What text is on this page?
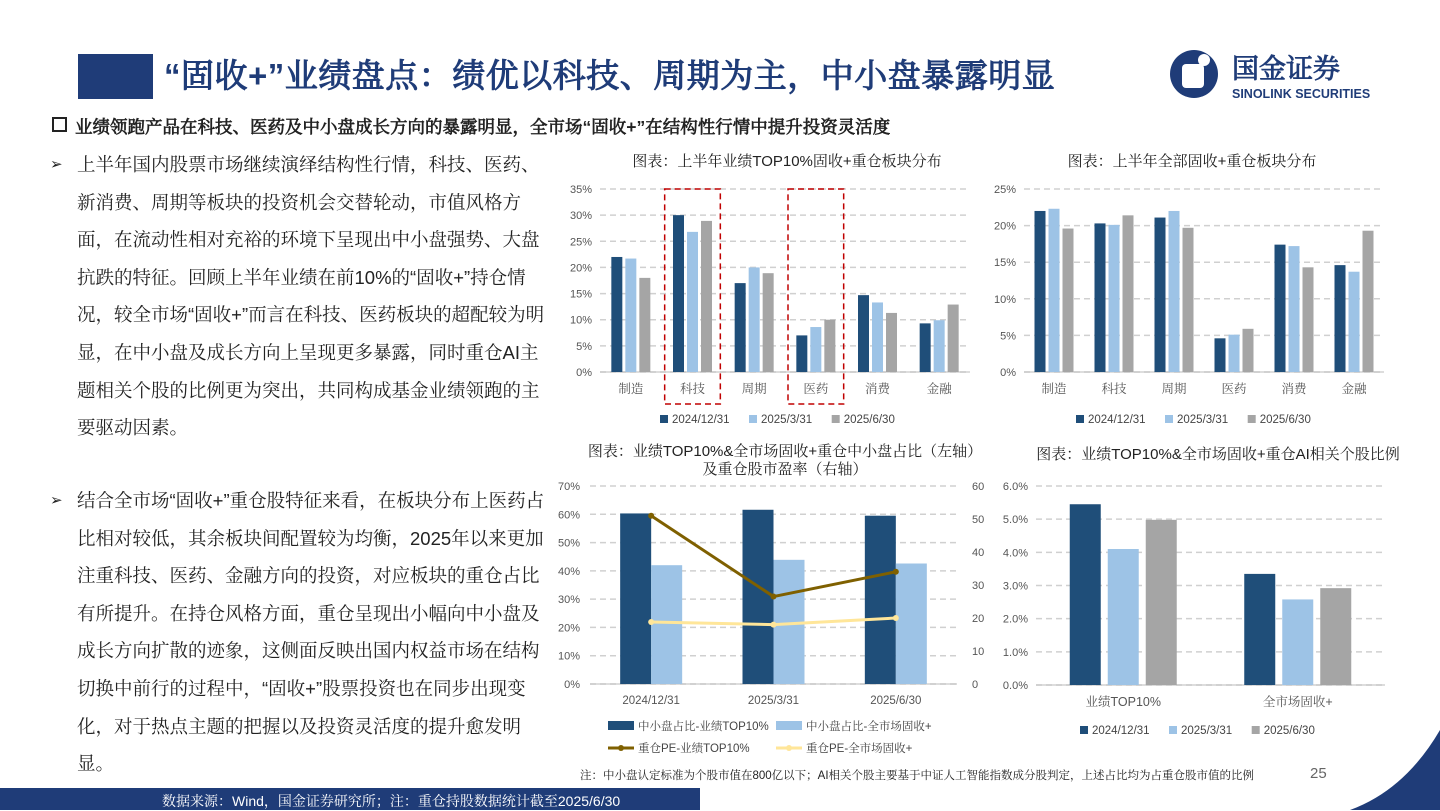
“固收+”业绩盘点：绩优以科技、周期为主，中小盘暴露明显	国金证券
SINOLINK SECURITIES
业绩领跑产品在科技、医药及中小盘成长方向的暴露明显，全市场“固收+”在结构性行情中提升投资灵活度
➢ 上半年国内股票市场继续演绎结构性行情，科技、医药、新消费、周期等板块的投资机会交替轮动，市值风格方面，在流动性相对充裕的环境下呈现出中小盘强势、大盘抗跌的特征。回顾上半年业绩在前10%的“固收+”持仓情况，较全市场“固收+”而言在科技、医药板块的超配较为明显，在中小盘及成长方向上呈现更多暴露，同时重仓AI主题相关个股的比例更为突出，共同构成基金业绩领跑的主要驱动因素。
➢ 结合全市场“固收+”重仓股特征来看，在板块分布上医药占比相对较低，其余板块间配置较为均衡，2025年以来更加注重科技、医药、金融方向的投资，对应板块的重仓占比有所提升。在持仓风格方面，重仓呈现出小幅向中小盘及成长方向扩散的迹象，这侧面反映出国内权益市场在结构切换中前行的过程中，“固收+”股票投资也在同步出现变化，对于热点主题的把握以及投资灵活度的提升愈发明显。
图表：上半年业绩TOP10%固收+重仓板块分布	图表：上半年全部固收+重仓板块分布
图表：业绩TOP10%&全市场固收+重仓中小盘占比（左轴）
及重仓股市盈率（右轴）
图表：业绩TOP10%&全市场固收+重仓AI相关个股比例
0%
5%
10%
15%
20%
25%
30%
35%
制造	科技	周期	医药	消费	金融
2024/12/31	2025/3/31	2025/6/30
0%
5%
10%
15%
20%
25%
制造	科技	周期	医药	消费	金融
2024/12/31	2025/3/31	2025/6/30
0%
10%
20%
30%
40%
50%
60%
70%
0
10
20
30
40
50
60
2024/12/31	2025/3/31	2025/6/30
中小盘占比-业绩TOP10%	中小盘占比-全市场固收+
重仓PE-业绩TOP10%	重仓PE-全市场固收+
0.0%
1.0%
2.0%
3.0%
4.0%
5.0%
6.0%
业绩TOP10%	全市场固收+
2024/12/31	2025/3/31	2025/6/30
注：中小盘认定标准为个股市值在800亿以下；AI相关个股主要基于中证人工智能指数成分股判定，上述占比均为占重仓股市值的比例	25
数据来源：Wind，国金证券研究所；注：重仓持股数据统计截至2025/6/30
